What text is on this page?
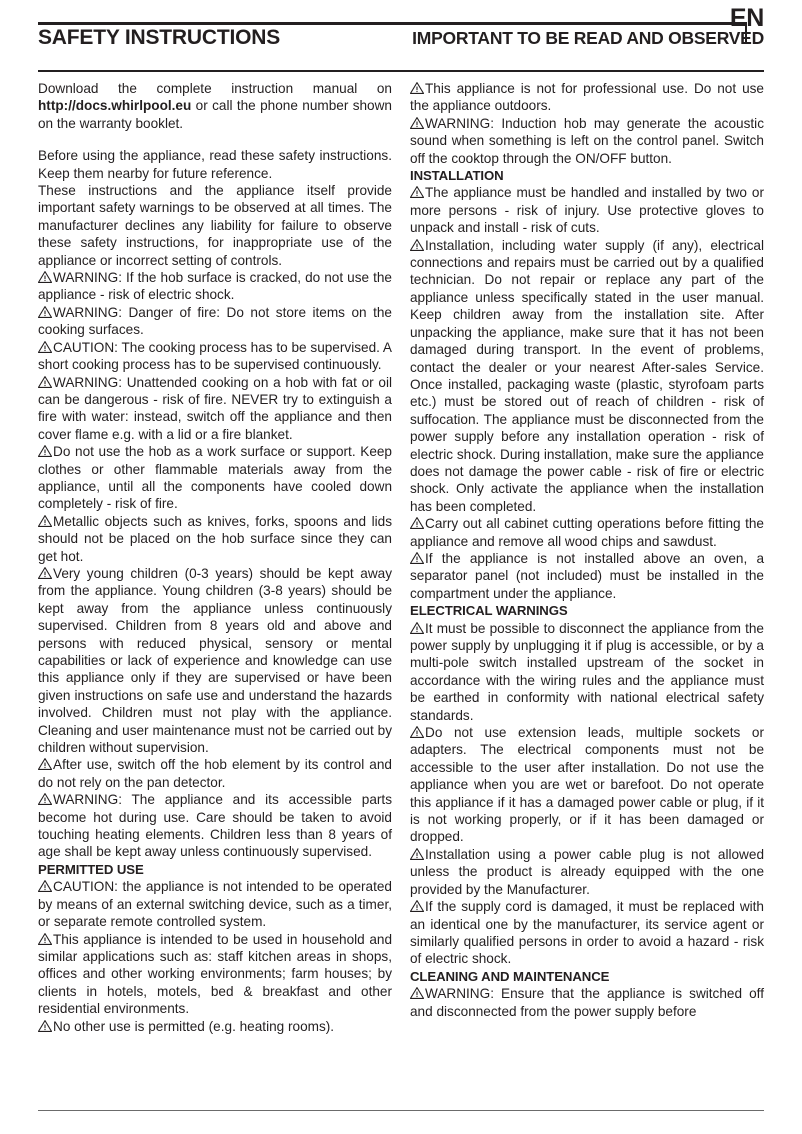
EN
SAFETY INSTRUCTIONS	IMPORTANT TO BE READ AND OBSERVED

Download the complete instruction manual on http://docs.whirlpool.eu or call the phone number shown on the warranty booklet.

Before using the appliance, read these safety instructions. Keep them nearby for future reference.

These instructions and the appliance itself provide important safety warnings to be observed at all times. The manufacturer declines any liability for failure to observe these safety instructions, for inappropriate use of the appliance or incorrect setting of controls.

WARNING: If the hob surface is cracked, do not use the appliance - risk of electric shock.

WARNING: Danger of fire: Do not store items on the cooking surfaces.

CAUTION: The cooking process has to be supervised. A short cooking process has to be supervised continuously.

WARNING: Unattended cooking on a hob with fat or oil can be dangerous - risk of fire. NEVER try to extinguish a fire with water: instead, switch off the appliance and then cover flame e.g. with a lid or a fire blanket.

Do not use the hob as a work surface or support. Keep clothes or other flammable materials away from the appliance, until all the components have cooled down completely - risk of fire.

Metallic objects such as knives, forks, spoons and lids should not be placed on the hob surface since they can get hot.

Very young children (0-3 years) should be kept away from the appliance. Young children (3-8 years) should be kept away from the appliance unless continuously supervised. Children from 8 years old and above and persons with reduced physical, sensory or mental capabilities or lack of experience and knowledge can use this appliance only if they are supervised or have been given instructions on safe use and understand the hazards involved. Children must not play with the appliance. Cleaning and user maintenance must not be carried out by children without supervision.

After use, switch off the hob element by its control and do not rely on the pan detector.

WARNING: The appliance and its accessible parts become hot during use. Care should be taken to avoid touching heating elements. Children less than 8 years of age shall be kept away unless continuously supervised.

PERMITTED USE

CAUTION: the appliance is not intended to be operated by means of an external switching device, such as a timer, or separate remote controlled system.

This appliance is intended to be used in household and similar applications such as: staff kitchen areas in shops, offices and other working environments; farm houses; by clients in hotels, motels, bed & breakfast and other residential environments.

No other use is permitted (e.g. heating rooms).

This appliance is not for professional use. Do not use the appliance outdoors.

WARNING: Induction hob may generate the acoustic sound when something is left on the control panel. Switch off the cooktop through the ON/OFF button.

INSTALLATION

The appliance must be handled and installed by two or more persons - risk of injury. Use protective gloves to unpack and install - risk of cuts.

Installation, including water supply (if any), electrical connections and repairs must be carried out by a qualified technician. Do not repair or replace any part of the appliance unless specifically stated in the user manual. Keep children away from the installation site. After unpacking the appliance, make sure that it has not been damaged during transport. In the event of problems, contact the dealer or your nearest After-sales Service. Once installed, packaging waste (plastic, styrofoam parts etc.) must be stored out of reach of children - risk of suffocation. The appliance must be disconnected from the power supply before any installation operation - risk of electric shock. During installation, make sure the appliance does not damage the power cable - risk of fire or electric shock. Only activate the appliance when the installation has been completed.

Carry out all cabinet cutting operations before fitting the appliance and remove all wood chips and sawdust.

If the appliance is not installed above an oven, a separator panel (not included) must be installed in the compartment under the appliance.

ELECTRICAL WARNINGS

It must be possible to disconnect the appliance from the power supply by unplugging it if plug is accessible, or by a multi-pole switch installed upstream of the socket in accordance with the wiring rules and the appliance must be earthed in conformity with national electrical safety standards.

Do not use extension leads, multiple sockets or adapters. The electrical components must not be accessible to the user after installation. Do not use the appliance when you are wet or barefoot. Do not operate this appliance if it has a damaged power cable or plug, if it is not working properly, or if it has been damaged or dropped.

Installation using a power cable plug is not allowed unless the product is already equipped with the one provided by the Manufacturer.

If the supply cord is damaged, it must be replaced with an identical one by the manufacturer, its service agent or similarly qualified persons in order to avoid a hazard - risk of electric shock.

CLEANING AND MAINTENANCE

WARNING: Ensure that the appliance is switched off and disconnected from the power supply before
